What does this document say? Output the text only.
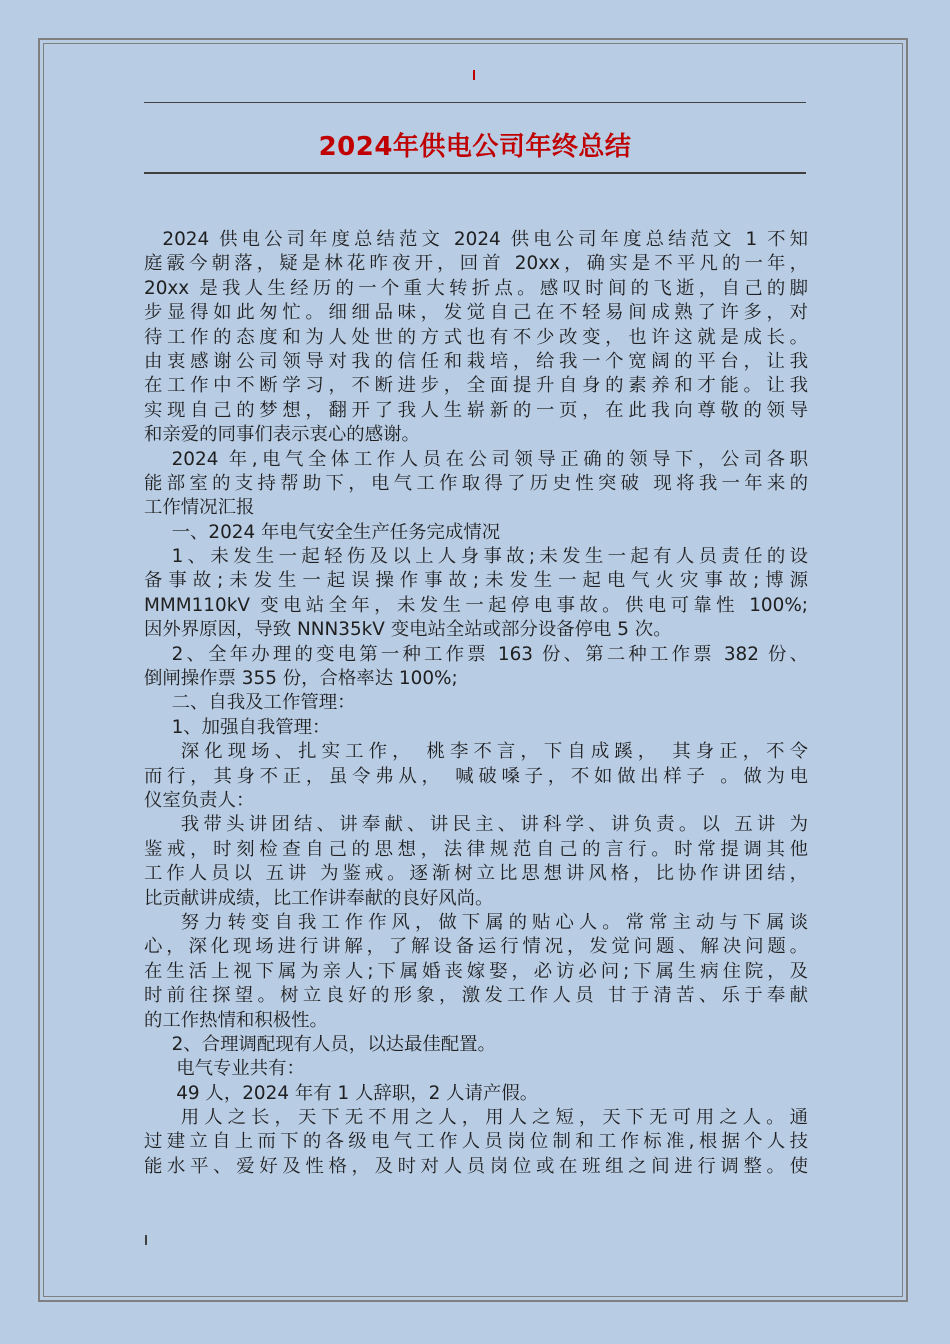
2024年供电公司年终总结
2024 供电公司年度总结范文 2024 供电公司年度总结范文 1 不知
庭霰今朝落，疑是林花昨夜开，回首 20xx，确实是不平凡的一年，
20xx 是我人生经历的一个重大转折点。感叹时间的飞逝，自己的脚
步显得如此匆忙。细细品味，发觉自己在不轻易间成熟了许多，对
待工作的态度和为人处世的方式也有不少改变，也许这就是成长。
由衷感谢公司领导对我的信任和栽培，给我一个宽阔的平台，让我
在工作中不断学习，不断进步，全面提升自身的素养和才能。让我
实现自己的梦想，翻开了我人生崭新的一页，在此我向尊敬的领导
和亲爱的同事们表示衷心的感谢。
2024 年,电气全体工作人员在公司领导正确的领导下，公司各职
能部室的支持帮助下，电气工作取得了历史性突破 现将我一年来的
工作情况汇报
一、2024 年电气安全生产任务完成情况
1、未发生一起轻伤及以上人身事故;未发生一起有人员责任的设
备事故;未发生一起误操作事故;未发生一起电气火灾事故;博源
MMM110kV 变电站全年，未发生一起停电事故。供电可靠性 100%;
因外界原因，导致 NNN35kV 变电站全站或部分设备停电 5 次。
2、全年办理的变电第一种工作票 163 份、第二种工作票 382 份、
倒闸操作票 355 份，合格率达 100%;
二、自我及工作管理：
1、加强自我管理：
深化现场、扎实工作， 桃李不言，下自成蹊， 其身正，不令
而行，其身不正，虽令弗从， 喊破嗓子，不如做出样子 。做为电
仪室负责人：
我带头讲团结、讲奉献、讲民主、讲科学、讲负责。以 五讲 为
鉴戒，时刻检查自己的思想，法律规范自己的言行。时常提调其他
工作人员以 五讲 为鉴戒。逐渐树立比思想讲风格，比协作讲团结，
比贡献讲成绩，比工作讲奉献的良好风尚。
努力转变自我工作作风，做下属的贴心人。常常主动与下属谈
心，深化现场进行讲解，了解设备运行情况，发觉问题、解决问题。
在生活上视下属为亲人;下属婚丧嫁娶，必访必问;下属生病住院，及
时前往探望。树立良好的形象，激发工作人员 甘于清苦、乐于奉献
的工作热情和积极性。
2、合理调配现有人员，以达最佳配置。
电气专业共有：
49 人，2024 年有 1 人辞职，2 人请产假。
用人之长，天下无不用之人，用人之短，天下无可用之人。通
过建立自上而下的各级电气工作人员岗位制和工作标准,根据个人技
能水平、爱好及性格，及时对人员岗位或在班组之间进行调整。使
